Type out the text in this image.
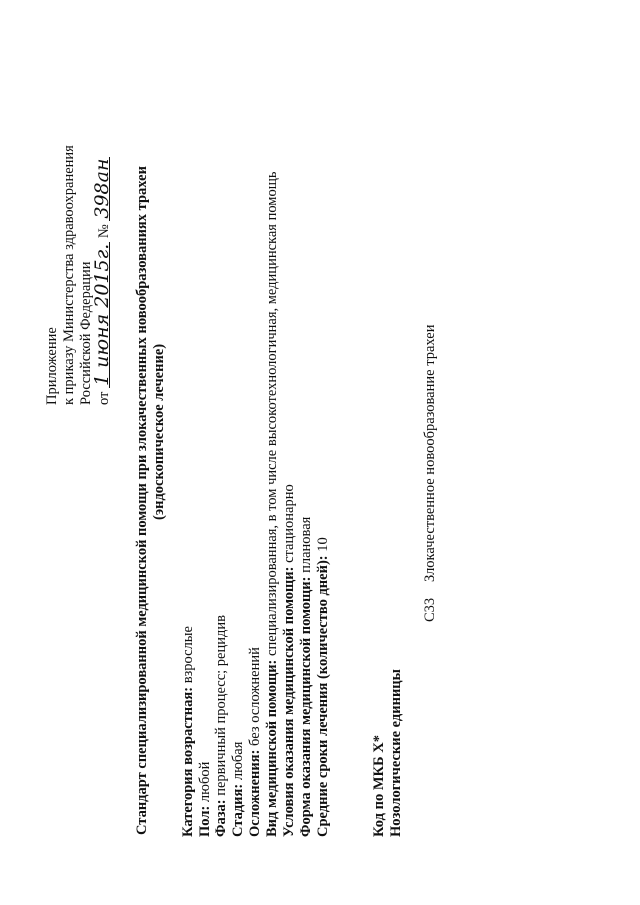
Приложение к приказу Министерства здравоохранения Российской Федерации от 1 июня 2015г. № 398ан Стандарт специализированной медицинской помощи при злокачественных новообразованиях трахеи (эндоскопическое лечение)
Категория возрастная: взрослые
Пол: любой
Фаза: первичный процесс; рецидив
Стадия: любая Осложнения: без осложнений Вид медицинской помощи: специализированная, в том числе высокотехнологичная, медицинская помощь
Условия оказания медицинской помощи: стационарно
Форма оказания медицинской помощи: плановая
Средние сроки лечения (количество дней): 10
Код по МКБ X* Нозологические единицы
C33
Злокачественное новообразование трахеи
